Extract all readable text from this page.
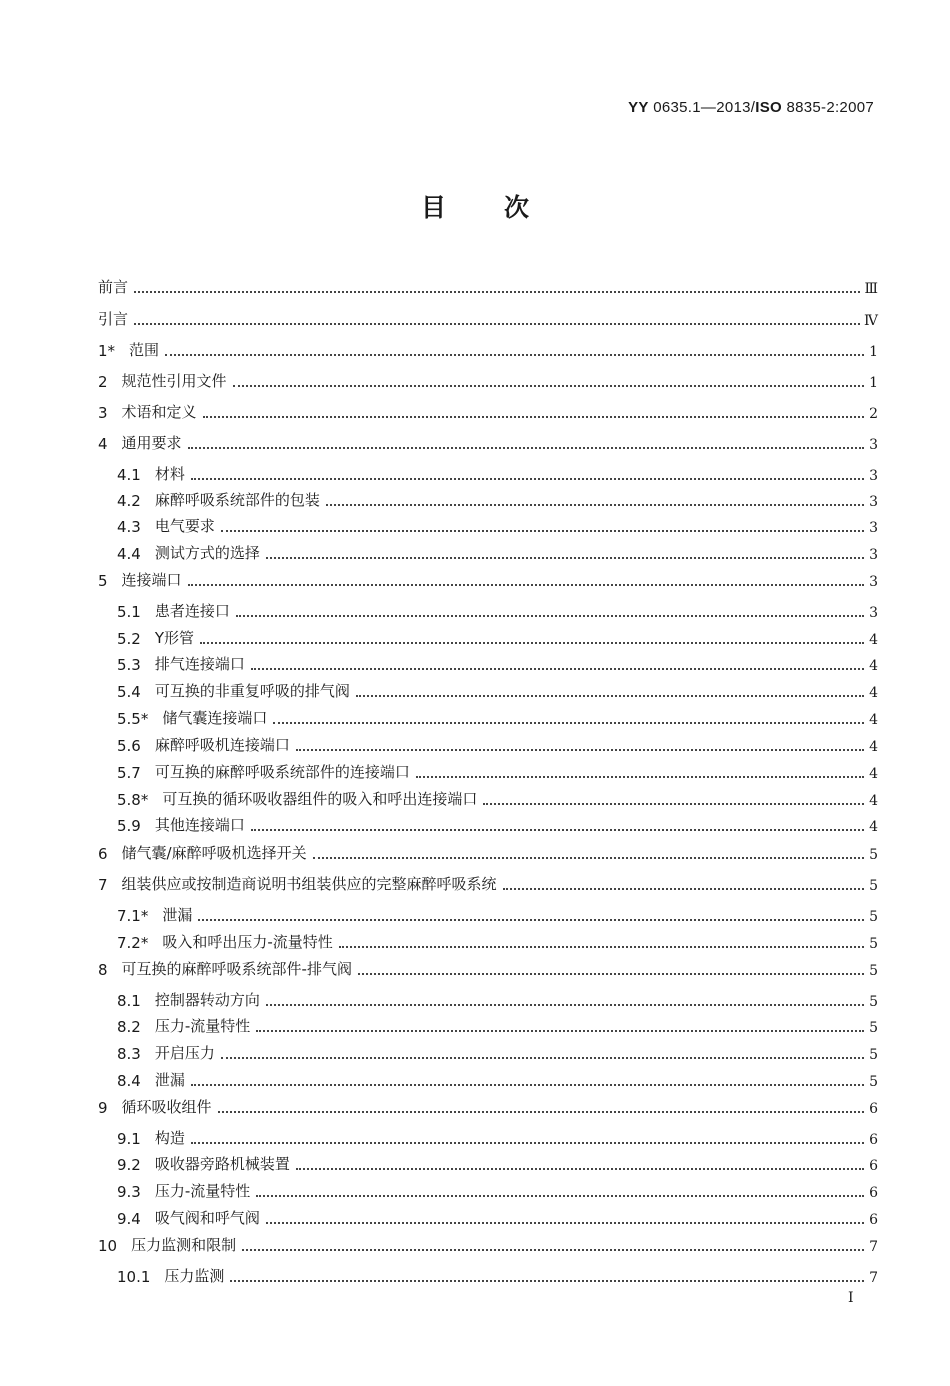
YY 0635.1—2013/ISO 8835-2:2007
目次
前言	Ⅲ
引言	Ⅳ
1* 范围	1
2 规范性引用文件	1
3 术语和定义	2
4 通用要求	3
4.1 材料	3
4.2 麻醉呼吸系统部件的包装	3
4.3 电气要求	3
4.4 测试方式的选择	3
5 连接端口	3
5.1 患者连接口	3
5.2 Y形管	4
5.3 排气连接端口	4
5.4 可互换的非重复呼吸的排气阀	4
5.5* 储气囊连接端口	4
5.6 麻醉呼吸机连接端口	4
5.7 可互换的麻醉呼吸系统部件的连接端口	4
5.8* 可互换的循环吸收器组件的吸入和呼出连接端口	4
5.9 其他连接端口	4
6 储气囊/麻醉呼吸机选择开关	5
7 组装供应或按制造商说明书组装供应的完整麻醉呼吸系统	5
7.1* 泄漏	5
7.2* 吸入和呼出压力-流量特性	5
8 可互换的麻醉呼吸系统部件-排气阀	5
8.1 控制器转动方向	5
8.2 压力-流量特性	5
8.3 开启压力	5
8.4 泄漏	5
9 循环吸收组件	6
9.1 构造	6
9.2 吸收器旁路机械装置	6
9.3 压力-流量特性	6
9.4 吸气阀和呼气阀	6
10 压力监测和限制	7
10.1 压力监测	7
I
